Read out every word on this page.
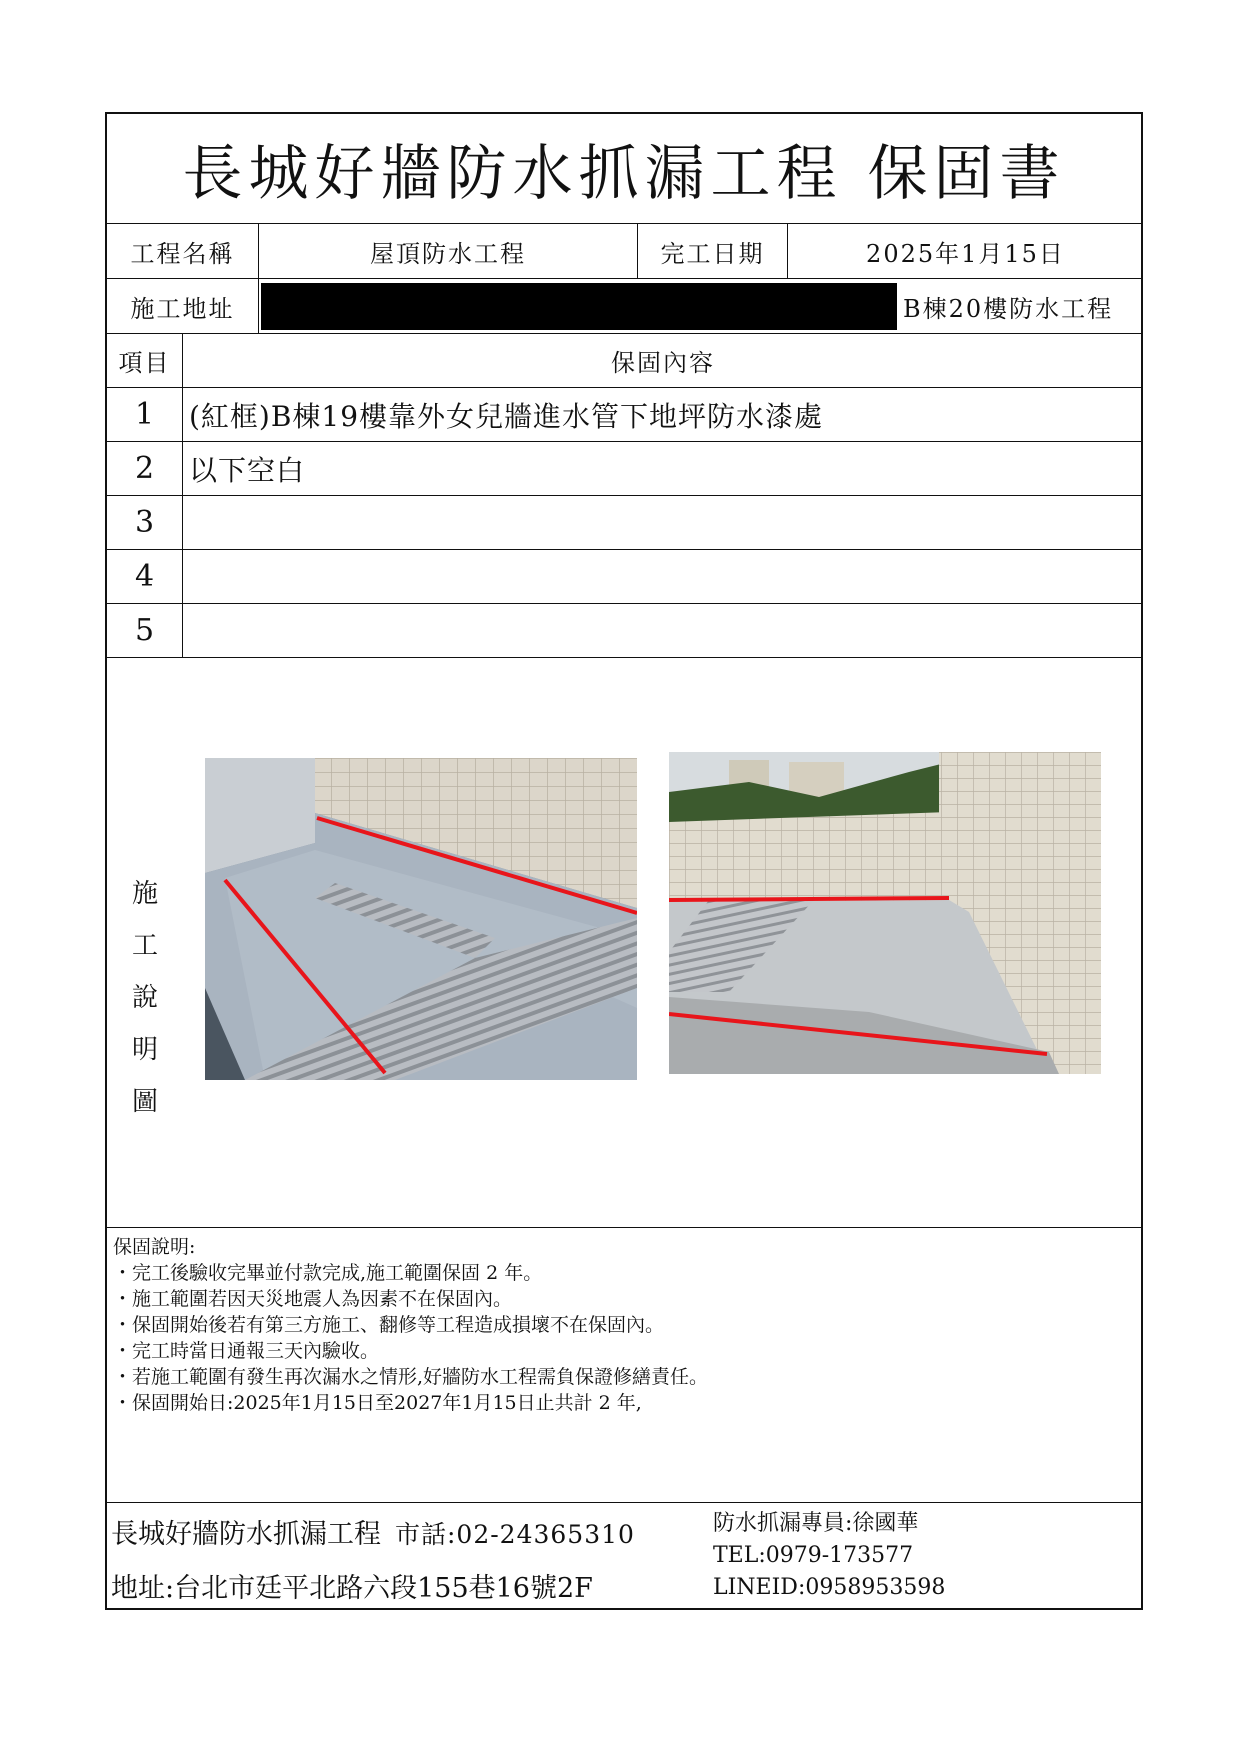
長城好牆防水抓漏工程 保固書
工程名稱	屋頂防水工程	完工日期	2025年1月15日
施工地址	B棟20樓防水工程
項目	保固內容
1	(紅框)B棟19樓靠外女兒牆進水管下地坪防水漆處
2	以下空白
3
4
5
施
工
說
明
圖
保固說明:
・完工後驗收完畢並付款完成,施工範圍保固 2 年。
・施工範圍若因天災地震人為因素不在保固內。
・保固開始後若有第三方施工、翻修等工程造成損壞不在保固內。
・完工時當日通報三天內驗收。
・若施工範圍有發生再次漏水之情形,好牆防水工程需負保證修繕責任。
・保固開始日:2025年1月15日至2027年1月15日止共計 2 年,
長城好牆防水抓漏工程 市話:02-24365310
地址:台北市廷平北路六段155巷16號2F
防水抓漏專員:徐國華
TEL:0979-173577
LINEID:0958953598
